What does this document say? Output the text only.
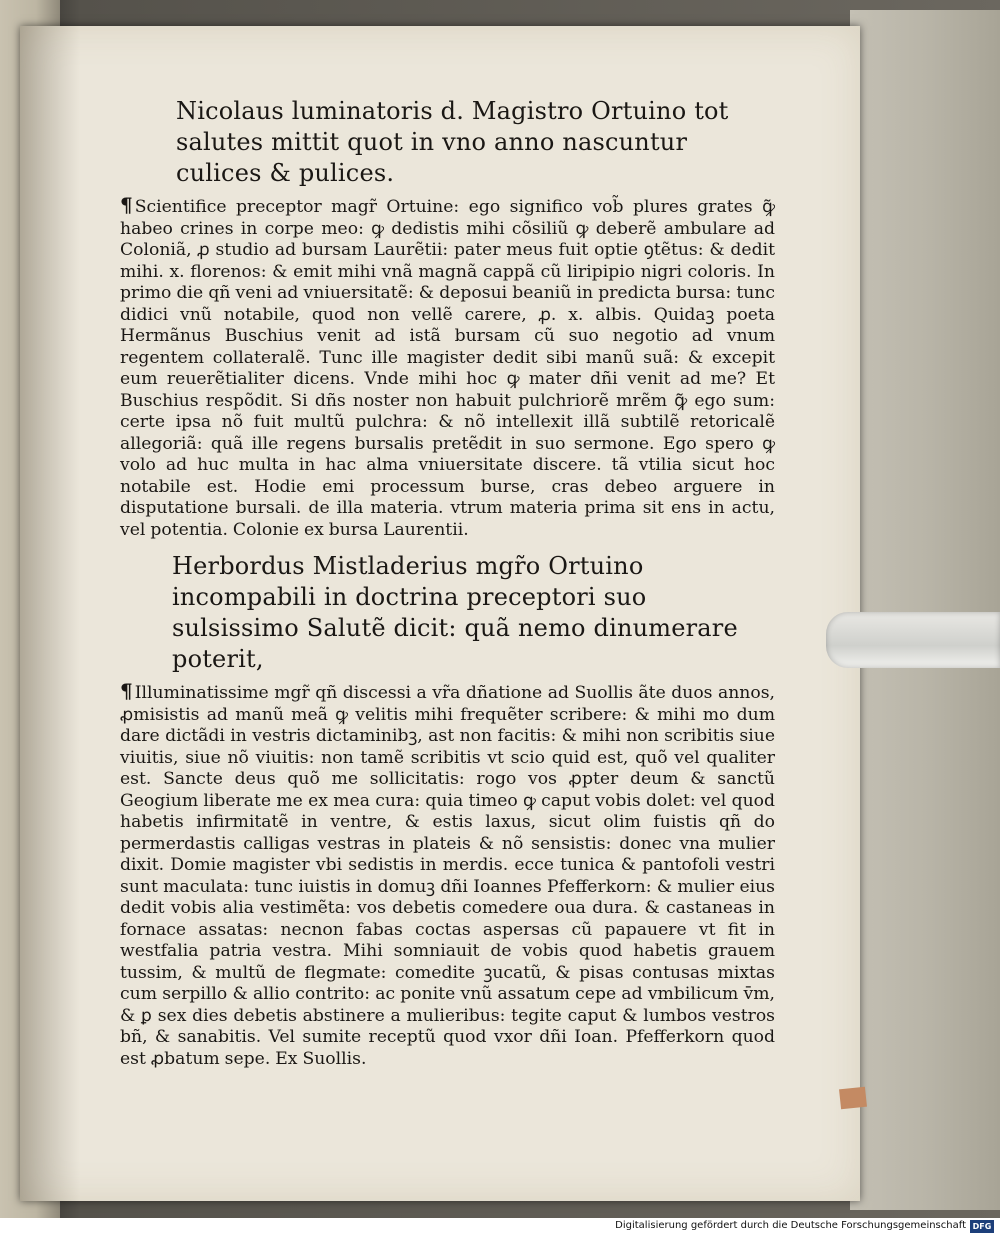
Nicolaus luminatoris d. Magistro Ortuino tot salutes mittit quot in vno anno nascuntur culices & pulices.
¶ Scientifice preceptor magr̃ Ortuine: ego significo vob̃ plures grates ꝙ̃ habeo crines in corpe meo: ꝙ dedistis mihi cõsiliũ ꝙ deberẽ ambulare ad Coloniã, ꝓ studio ad bursam Laurẽtii: pater meus fuit optie ꝯtẽtus: & dedit mihi. x. florenos: & emit mihi vnã magnã cappã cũ liripipio nigri coloris. In primo die qñ veni ad vniuersitatẽ: & deposui beaniũ in predicta bursa: tunc didici vnũ notabile, quod non vellẽ carere, ꝓ. x. albis. Quidaꝫ poeta Hermãnus Buschius venit ad istã bursam cũ suo negotio ad vnum regentem collateralẽ. Tunc ille magister dedit sibi manũ suã: & excepit eum reuerẽtialiter dicens. Vnde mihi hoc ꝙ mater dñi venit ad me? Et Buschius respõdit. Si dñs noster non habuit pulchriorẽ mrẽm ꝙ̃ ego sum: certe ipsa nõ fuit multũ pulchra: & nõ intellexit illã subtilẽ retoricalẽ allegoriã: quã ille regens bursalis pretẽdit in suo sermone. Ego spero ꝙ volo ad huc multa in hac alma vniuersitate discere. tã vtilia sicut hoc notabile est. Hodie emi processum burse, cras debeo arguere in disputatione bursali. de illa materia. vtrum materia prima sit ens in actu, vel potentia. Colonie ex bursa Laurentii.
Herbordus Mistladerius mgr̃o Ortuino incompabili in doctrina preceptori suo sulsissimo Salutẽ dicit: quã nemo dinumerare poterit,
¶ Illuminatissime mgr̃ qñ discessi a vr̃a dñatione ad Suollis ãte duos annos, ꝓmisistis ad manũ meã ꝙ velitis mihi frequẽter scribere: & mihi mo dum dare dictãdi in vestris dictaminibꝫ, ast non facitis: & mihi non scribitis siue viuitis, siue nõ viuitis: non tamẽ scribitis vt scio quid est, quõ vel qualiter est. Sancte deus quõ me sollicitatis: rogo vos ꝓpter deum & sanctũ Geogium liberate me ex mea cura: quia timeo ꝙ caput vobis dolet: vel quod habetis infirmitatẽ in ventre, & estis laxus, sicut olim fuistis qñ do permerdastis calligas vestras in plateis & nõ sensistis: donec vna mulier dixit. Domie magister vbi sedistis in merdis. ecce tunica & pantofoli vestri sunt maculata: tunc iuistis in domuꝫ dñi Ioannes Pfefferkorn: & mulier eius dedit vobis alia vestimẽta: vos debetis comedere oua dura. & castaneas in fornace assatas: necnon fabas coctas aspersas cũ papauere vt fit in westfalia patria vestra. Mihi somniauit de vobis quod habetis grauem tussim, & multũ de flegmate: comedite ꝫucatũ, & pisas contusas mixtas cum serpillo & allio contrito: ac ponite vnũ assatum cepe ad vmbilicum v̄m, & ꝑ sex dies debetis abstinere a mulieribus: tegite caput & lumbos vestros bñ, & sanabitis. Vel sumite receptũ quod vxor dñi Ioan. Pfefferkorn quod est ꝓbatum sepe. Ex Suollis.
Digitalisierung gefördert durch die Deutsche Forschungsgemeinschaft DFG
